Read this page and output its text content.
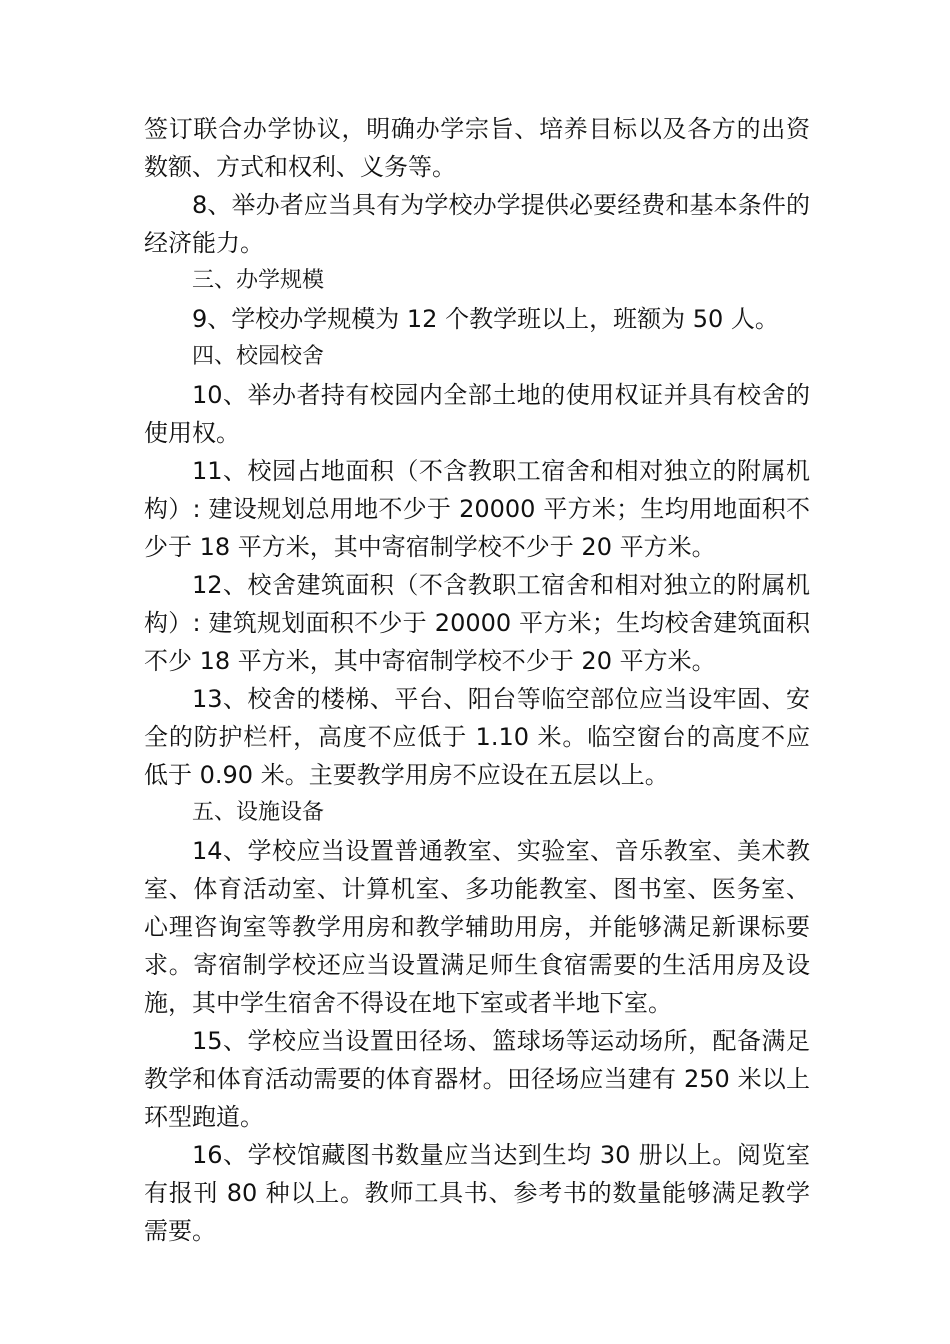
签订联合办学协议，明确办学宗旨、培养目标以及各方的出资数额、方式和权利、义务等。

8、举办者应当具有为学校办学提供必要经费和基本条件的经济能力。

三、办学规模

9、学校办学规模为 12 个教学班以上，班额为 50 人。

四、校园校舍

10、举办者持有校园内全部土地的使用权证并具有校舍的使用权。

11、校园占地面积（不含教职工宿舍和相对独立的附属机构）: 建设规划总用地不少于 20000 平方米；生均用地面积不少于 18 平方米，其中寄宿制学校不少于 20 平方米。

12、校舍建筑面积（不含教职工宿舍和相对独立的附属机构）: 建筑规划面积不少于 20000 平方米；生均校舍建筑面积不少 18 平方米，其中寄宿制学校不少于 20 平方米。

13、校舍的楼梯、平台、阳台等临空部位应当设牢固、安全的防护栏杆，高度不应低于 1.10 米。临空窗台的高度不应低于 0.90 米。主要教学用房不应设在五层以上。

五、设施设备

14、学校应当设置普通教室、实验室、音乐教室、美术教室、体育活动室、计算机室、多功能教室、图书室、医务室、心理咨询室等教学用房和教学辅助用房，并能够满足新课标要求。寄宿制学校还应当设置满足师生食宿需要的生活用房及设施，其中学生宿舍不得设在地下室或者半地下室。

15、学校应当设置田径场、篮球场等运动场所，配备满足教学和体育活动需要的体育器材。田径场应当建有 250 米以上环型跑道。

16、学校馆藏图书数量应当达到生均 30 册以上。阅览室有报刊 80 种以上。教师工具书、参考书的数量能够满足教学需要。
